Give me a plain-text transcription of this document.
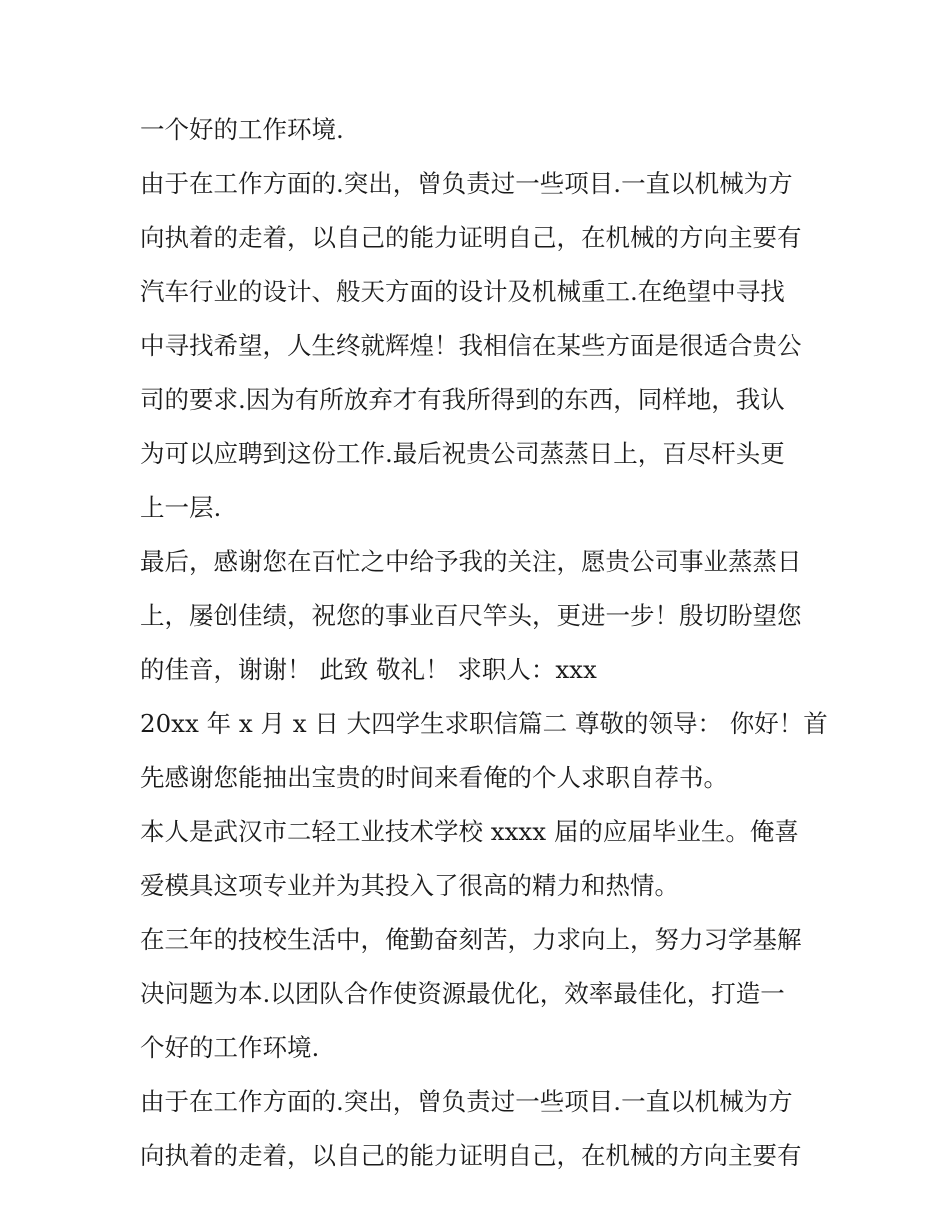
一个好的工作环境.
由于在工作方面的.突出，曾负责过一些项目.一直以机械为方
向执着的走着，以自己的能力证明自己，在机械的方向主要有
汽车行业的设计、般天方面的设计及机械重工.在绝望中寻找
中寻找希望，人生终就辉煌！我相信在某些方面是很适合贵公
司的要求.因为有所放弃才有我所得到的东西，同样地，我认
为可以应聘到这份工作.最后祝贵公司蒸蒸日上，百尽杆头更
上一层.
最后，感谢您在百忙之中给予我的关注，愿贵公司事业蒸蒸日
上，屡创佳绩，祝您的事业百尺竿头，更进一步！殷切盼望您
的佳音，谢谢！ 此致 敬礼！ 求职人：xxx
20xx 年 x 月 x 日 大四学生求职信篇二 尊敬的领导： 你好！首
先感谢您能抽出宝贵的时间来看俺的个人求职自荐书。
本人是武汉市二轻工业技术学校 xxxx 届的应届毕业生。俺喜
爱模具这项专业并为其投入了很高的精力和热情。
在三年的技校生活中，俺勤奋刻苦，力求向上，努力习学基解
决问题为本.以团队合作使资源最优化，效率最佳化，打造一
个好的工作环境.
由于在工作方面的.突出，曾负责过一些项目.一直以机械为方
向执着的走着，以自己的能力证明自己，在机械的方向主要有
